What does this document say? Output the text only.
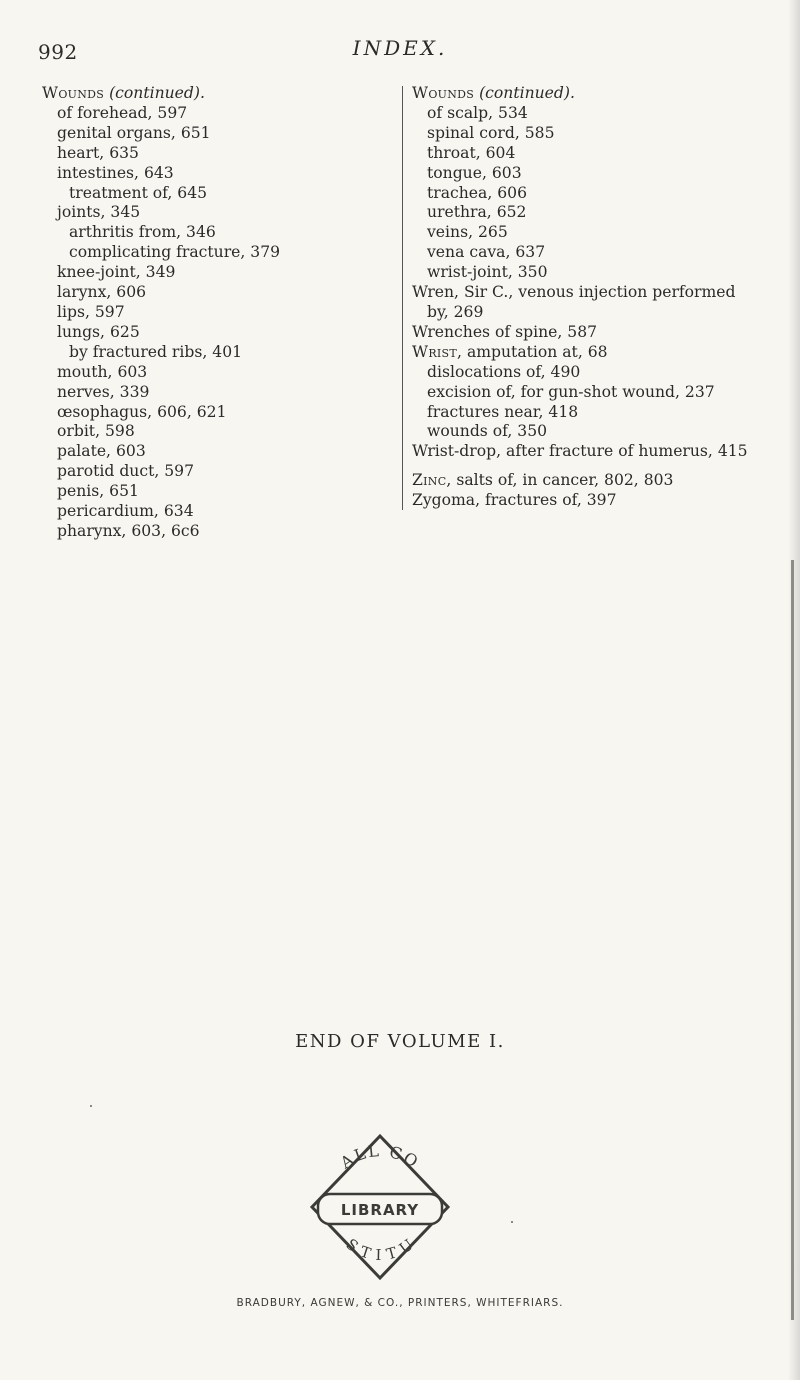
992	INDEX.
Wounds (continued).
of forehead, 597
genital organs, 651
heart, 635
intestines, 643
treatment of, 645
joints, 345
arthritis from, 346
complicating fracture, 379
knee-joint, 349
larynx, 606
lips, 597
lungs, 625
by fractured ribs, 401
mouth, 603
nerves, 339
œsophagus, 606, 621
orbit, 598
palate, 603
parotid duct, 597
penis, 651
pericardium, 634
pharynx, 603, 6c6
Wounds (continued).
of scalp, 534
spinal cord, 585
throat, 604
tongue, 603
trachea, 606
urethra, 652
veins, 265
vena cava, 637
wrist-joint, 350
Wren, Sir C., venous injection performed
by, 269
Wrenches of spine, 587
Wrist, amputation at, 68
dislocations of, 490
excision of, for gun-shot wound, 237
fractures near, 418
wounds of, 350
Wrist-drop, after fracture of humerus, 415
Zinc, salts of, in cancer, 802, 803
Zygoma, fractures of, 397
END OF VOLUME I.
ALL CO
LIBRARY
S T I T U
BRADBURY, AGNEW, & CO., PRINTERS, WHITEFRIARS.
